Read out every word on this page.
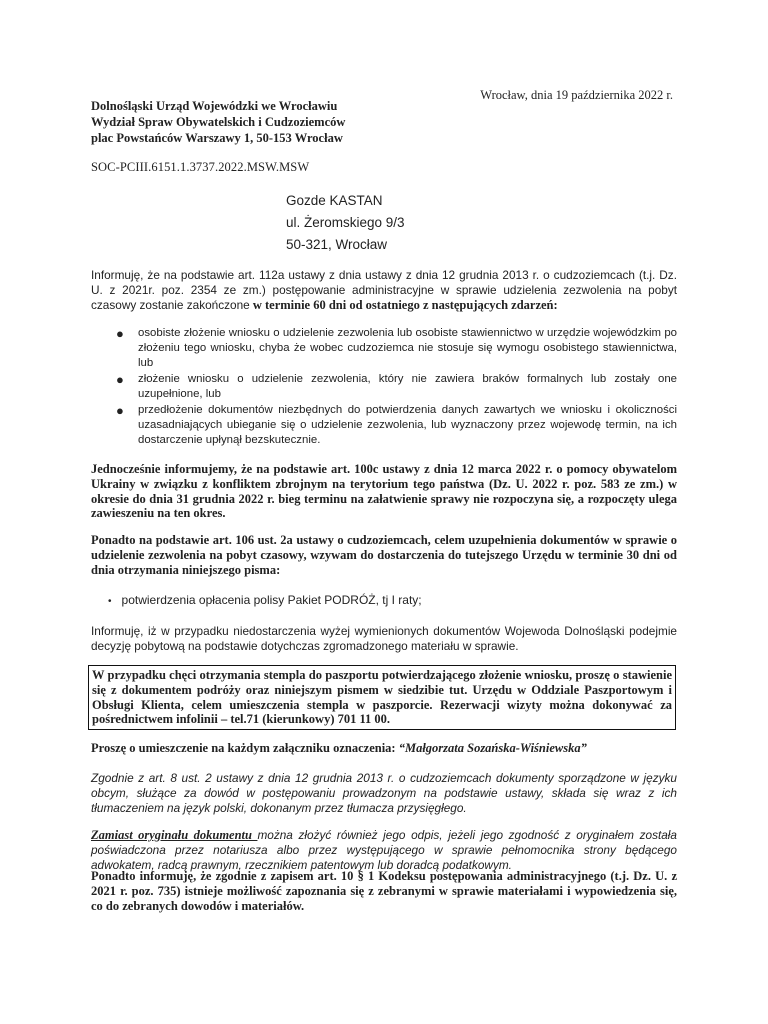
Wrocław, dnia 19 października 2022 r.
Dolnośląski Urząd Wojewódzki we Wrocławiu
Wydział Spraw Obywatelskich i Cudzoziemców
plac Powstańców Warszawy 1, 50-153 Wrocław
SOC-PCIII.6151.1.3737.2022.MSW.MSW
Gozde KASTAN
ul. Żeromskiego 9/3
50-321, Wrocław
Informuję, że na podstawie art. 112a ustawy z dnia ustawy z dnia 12 grudnia 2013 r. o cudzoziemcach (t.j. Dz. U. z 2021r. poz. 2354 ze zm.) postępowanie administracyjne w sprawie udzielenia zezwolenia na pobyt czasowy zostanie zakończone w terminie 60 dni od ostatniego z następujących zdarzeń:
● osobiste złożenie wniosku o udzielenie zezwolenia lub osobiste stawiennictwo w urzędzie wojewódzkim po złożeniu tego wniosku, chyba że wobec cudzoziemca nie stosuje się wymogu osobistego stawiennictwa, lub
● złożenie wniosku o udzielenie zezwolenia, który nie zawiera braków formalnych lub zostały one uzupełnione, lub
● przedłożenie dokumentów niezbędnych do potwierdzenia danych zawartych we wniosku i okoliczności uzasadniających ubieganie się o udzielenie zezwolenia, lub wyznaczony przez wojewodę termin, na ich dostarczenie upłynął bezskutecznie.
Jednocześnie informujemy, że na podstawie art. 100c ustawy z dnia 12 marca 2022 r. o pomocy obywatelom Ukrainy w związku z konfliktem zbrojnym na terytorium tego państwa (Dz. U. 2022 r. poz. 583 ze zm.) w okresie do dnia 31 grudnia 2022 r. bieg terminu na załatwienie sprawy nie rozpoczyna się, a rozpoczęty ulega zawieszeniu na ten okres.
Ponadto na podstawie art. 106 ust. 2a ustawy o cudzoziemcach, celem uzupełnienia dokumentów w sprawie o udzielenie zezwolenia na pobyt czasowy, wzywam do dostarczenia do tutejszego Urzędu w terminie 30 dni od dnia otrzymania niniejszego pisma:
• potwierdzenia opłacenia polisy Pakiet PODRÓŻ, tj I raty;
Informuję, iż w przypadku niedostarczenia wyżej wymienionych dokumentów Wojewoda Dolnośląski podejmie decyzję pobytową na podstawie dotychczas zgromadzonego materiału w sprawie.
W przypadku chęci otrzymania stempla do paszportu potwierdzającego złożenie wniosku, proszę o stawienie się z dokumentem podróży oraz niniejszym pismem w siedzibie tut. Urzędu w Oddziale Paszportowym i Obsługi Klienta, celem umieszczenia stempla w paszporcie. Rezerwacji wizyty można dokonywać za pośrednictwem infolinii – tel.71 (kierunkowy) 701 11 00.
Proszę o umieszczenie na każdym załączniku oznaczenia: “Małgorzata Sozańska-Wiśniewska”
Zgodnie z art. 8 ust. 2 ustawy z dnia 12 grudnia 2013 r. o cudzoziemcach dokumenty sporządzone w języku obcym, służące za dowód w postępowaniu prowadzonym na podstawie ustawy, składa się wraz z ich tłumaczeniem na język polski, dokonanym przez tłumacza przysięgłego.
Zamiast oryginału dokumentu można złożyć również jego odpis, jeżeli jego zgodność z oryginałem została poświadczona przez notariusza albo przez występującego w sprawie pełnomocnika strony będącego adwokatem, radcą prawnym, rzecznikiem patentowym lub doradcą podatkowym.
Ponadto informuję, że zgodnie z zapisem art. 10 § 1 Kodeksu postępowania administracyjnego (t.j. Dz. U. z 2021 r. poz. 735) istnieje możliwość zapoznania się z zebranymi w sprawie materiałami i wypowiedzenia się, co do zebranych dowodów i materiałów.
